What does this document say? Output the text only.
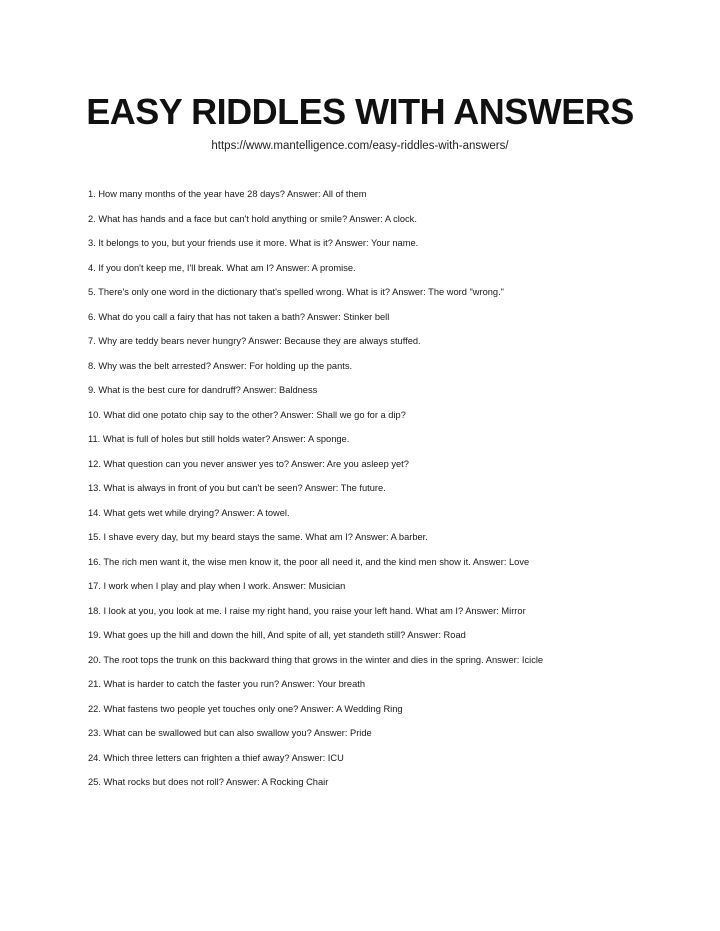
EASY RIDDLES WITH ANSWERS
https://www.mantelligence.com/easy-riddles-with-answers/
1. How many months of the year have 28 days? Answer: All of them
2. What has hands and a face but can't hold anything or smile? Answer: A clock.
3. It belongs to you, but your friends use it more. What is it? Answer: Your name.
4. If you don't keep me, I'll break. What am I? Answer: A promise.
5. There's only one word in the dictionary that's spelled wrong. What is it? Answer: The word "wrong."
6. What do you call a fairy that has not taken a bath? Answer: Stinker bell
7. Why are teddy bears never hungry? Answer: Because they are always stuffed.
8. Why was the belt arrested? Answer: For holding up the pants.
9. What is the best cure for dandruff? Answer: Baldness
10. What did one potato chip say to the other? Answer: Shall we go for a dip?
11. What is full of holes but still holds water? Answer: A sponge.
12. What question can you never answer yes to? Answer: Are you asleep yet?
13. What is always in front of you but can't be seen? Answer: The future.
14. What gets wet while drying? Answer: A towel.
15. I shave every day, but my beard stays the same. What am I? Answer: A barber.
16. The rich men want it, the wise men know it, the poor all need it, and the kind men show it. Answer: Love
17. I work when I play and play when I work. Answer: Musician
18. I look at you, you look at me. I raise my right hand, you raise your left hand. What am I? Answer: Mirror
19. What goes up the hill and down the hill, And spite of all, yet standeth still? Answer: Road
20. The root tops the trunk on this backward thing that grows in the winter and dies in the spring. Answer: Icicle
21. What is harder to catch the faster you run? Answer: Your breath
22. What fastens two people yet touches only one? Answer: A Wedding Ring
23. What can be swallowed but can also swallow you? Answer: Pride
24. Which three letters can frighten a thief away? Answer: ICU
25. What rocks but does not roll? Answer: A Rocking Chair
